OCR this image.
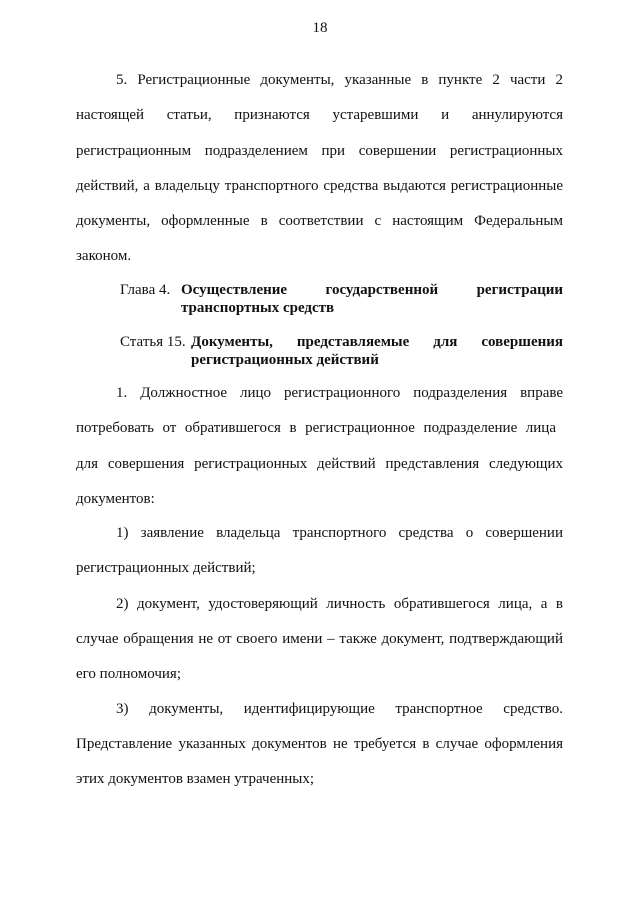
18
5. Регистрационные документы, указанные в пункте 2 части 2
настоящей статьи, признаются устаревшими и аннулируются
регистрационным подразделением при совершении регистрационных
действий, а владельцу транспортного средства выдаются регистрационные
документы, оформленные в соответствии с настоящим Федеральным
законом.
Глава 4. Осуществление государственной регистрации
транспортных средств
Статья 15. Документы, представляемые для совершения
регистрационных действий
1. Должностное лицо регистрационного подразделения вправе
потребовать от обратившегося в регистрационное подразделение лица
для совершения регистрационных действий представления следующих
документов:
1) заявление владельца транспортного средства о совершении
регистрационных действий;
2) документ, удостоверяющий личность обратившегося лица, а в
случае обращения не от своего имени – также документ, подтверждающий
его полномочия;
3) документы, идентифицирующие транспортное средство.
Представление указанных документов не требуется в случае оформления
этих документов взамен утраченных;
